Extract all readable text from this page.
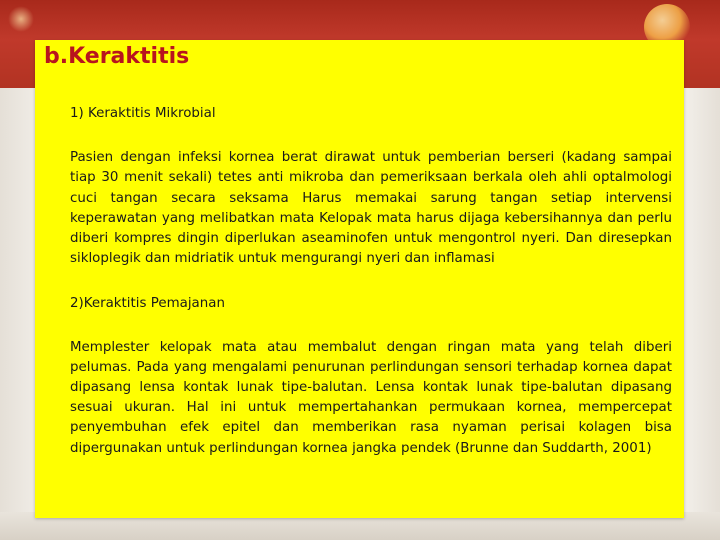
b.Keraktitis

1) Keraktitis Mikrobial

Pasien dengan infeksi kornea berat dirawat untuk pemberian berseri (kadang sampai tiap 30 menit sekali) tetes anti mikroba dan pemeriksaan berkala oleh ahli optalmologi cuci tangan secara seksama Harus memakai sarung tangan setiap intervensi keperawatan yang melibatkan mata Kelopak mata harus dijaga kebersihannya dan perlu diberi kompres dingin diperlukan aseaminofen untuk mengontrol nyeri. Dan diresepkan sikloplegik dan midriatik untuk mengurangi nyeri dan inflamasi

2)Keraktitis Pemajanan

Memplester kelopak mata atau membalut dengan ringan mata yang telah diberi pelumas. Pada yang mengalami penurunan perlindungan sensori terhadap kornea dapat dipasang lensa kontak lunak tipe-balutan. Lensa kontak lunak tipe-balutan dipasang sesuai ukuran. Hal ini untuk mempertahankan permukaan kornea, mempercepat penyembuhan efek epitel dan memberikan rasa nyaman perisai kolagen bisa dipergunakan untuk perlindungan kornea jangka pendek (Brunne dan Suddarth, 2001)
